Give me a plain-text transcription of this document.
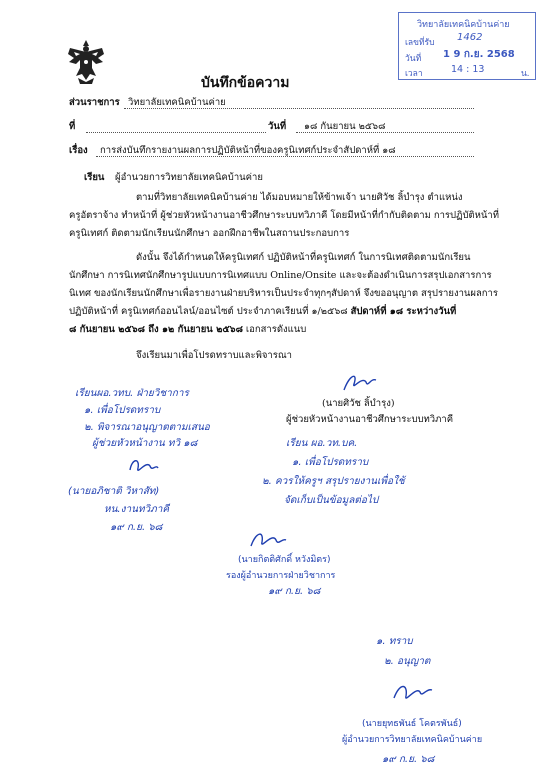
วิทยาลัยเทคนิคบ้านค่าย
เลขที่รับ 1462
วันที่ 1 9 ก.ย. 2568
เวลา	14 : 13	น.
บันทึกข้อความ
ส่วนราชการ วิทยาลัยเทคนิคบ้านค่าย
ที่	วันที่ ๑๘ กันยายน ๒๕๖๘
เรื่อง การส่งบันทึกรายงานผลการปฏิบัติหน้าที่ของครูนิเทศก์ประจำสัปดาห์ที่ ๑๘
เรียน ผู้อำนวยการวิทยาลัยเทคนิคบ้านค่าย
ตามที่วิทยาลัยเทคนิคบ้านค่าย ได้มอบหมายให้ข้าพเจ้า นายศิวัช ลิ้บำรุง ตำแหน่ง
ครูอัตราจ้าง ทำหน้าที่ ผู้ช่วยหัวหน้างานอาชีวศึกษาระบบทวิภาคี โดยมีหน้าที่กำกับติดตาม การปฏิบัติหน้าที่
ครูนิเทศก์ ติดตามนักเรียนนักศึกษา ออกฝึกอาชีพในสถานประกอบการ
ดังนั้น จึงได้กำหนดให้ครูนิเทศก์ ปฏิบัติหน้าที่ครูนิเทศก์ ในการนิเทศติดตามนักเรียน
นักศึกษา การนิเทศนักศึกษารูปแบบการนิเทศแบบ Online/Onsite และจะต้องดำเนินการสรุปเอกสารการ
นิเทศ ของนักเรียนนักศึกษาเพื่อรายงานฝ่ายบริหารเป็นประจำทุกๆสัปดาห์ จึงขออนุญาต สรุปรายงานผลการ
ปฏิบัติหน้าที่ ครูนิเทศก์ออนไลน์/ออนไซต์ ประจำภาคเรียนที่ ๑/๒๕๖๘ สัปดาห์ที่ ๑๘ ระหว่างวันที่
๘ กันยายน ๒๕๖๘ ถึง ๑๒ กันยายน ๒๕๖๘ เอกสารดังแนบ
จึงเรียนมาเพื่อโปรดทราบและพิจารณา
(นายศิวัช ลิ้บำรุง)
ผู้ช่วยหัวหน้างานอาชีวศึกษาระบบทวิภาคี
เรียนผอ.วทบ. ฝ่ายวิชาการ
๑. เพื่อโปรดทราบ
๒. พิจารณาอนุญาตตามเสนอ
ผู้ช่วยหัวหน้างาน ทวิ ๑๘
(นายอภิชาติ วิหาสัท)
หน.งานทวิภาคี
๑๙ ก.ย. ๖๘
เรียน ผอ.วท.บค.
๑. เพื่อโปรดทราบ
๒. ควรให้ครูฯ สรุปรายงานเพื่อใช้
จัดเก็บเป็นข้อมูลต่อไป
(นายกิตติศักดิ์ หวังมิตร)
รองผู้อำนวยการฝ่ายวิชาการ
๑๙ ก.ย. ๖๘
๑. ทราบ
๒. อนุญาต
(นายยุทธพันธ์ โคตรพันธ์)
ผู้อำนวยการวิทยาลัยเทคนิคบ้านค่าย
๑๙ ก.ย. ๖๘
